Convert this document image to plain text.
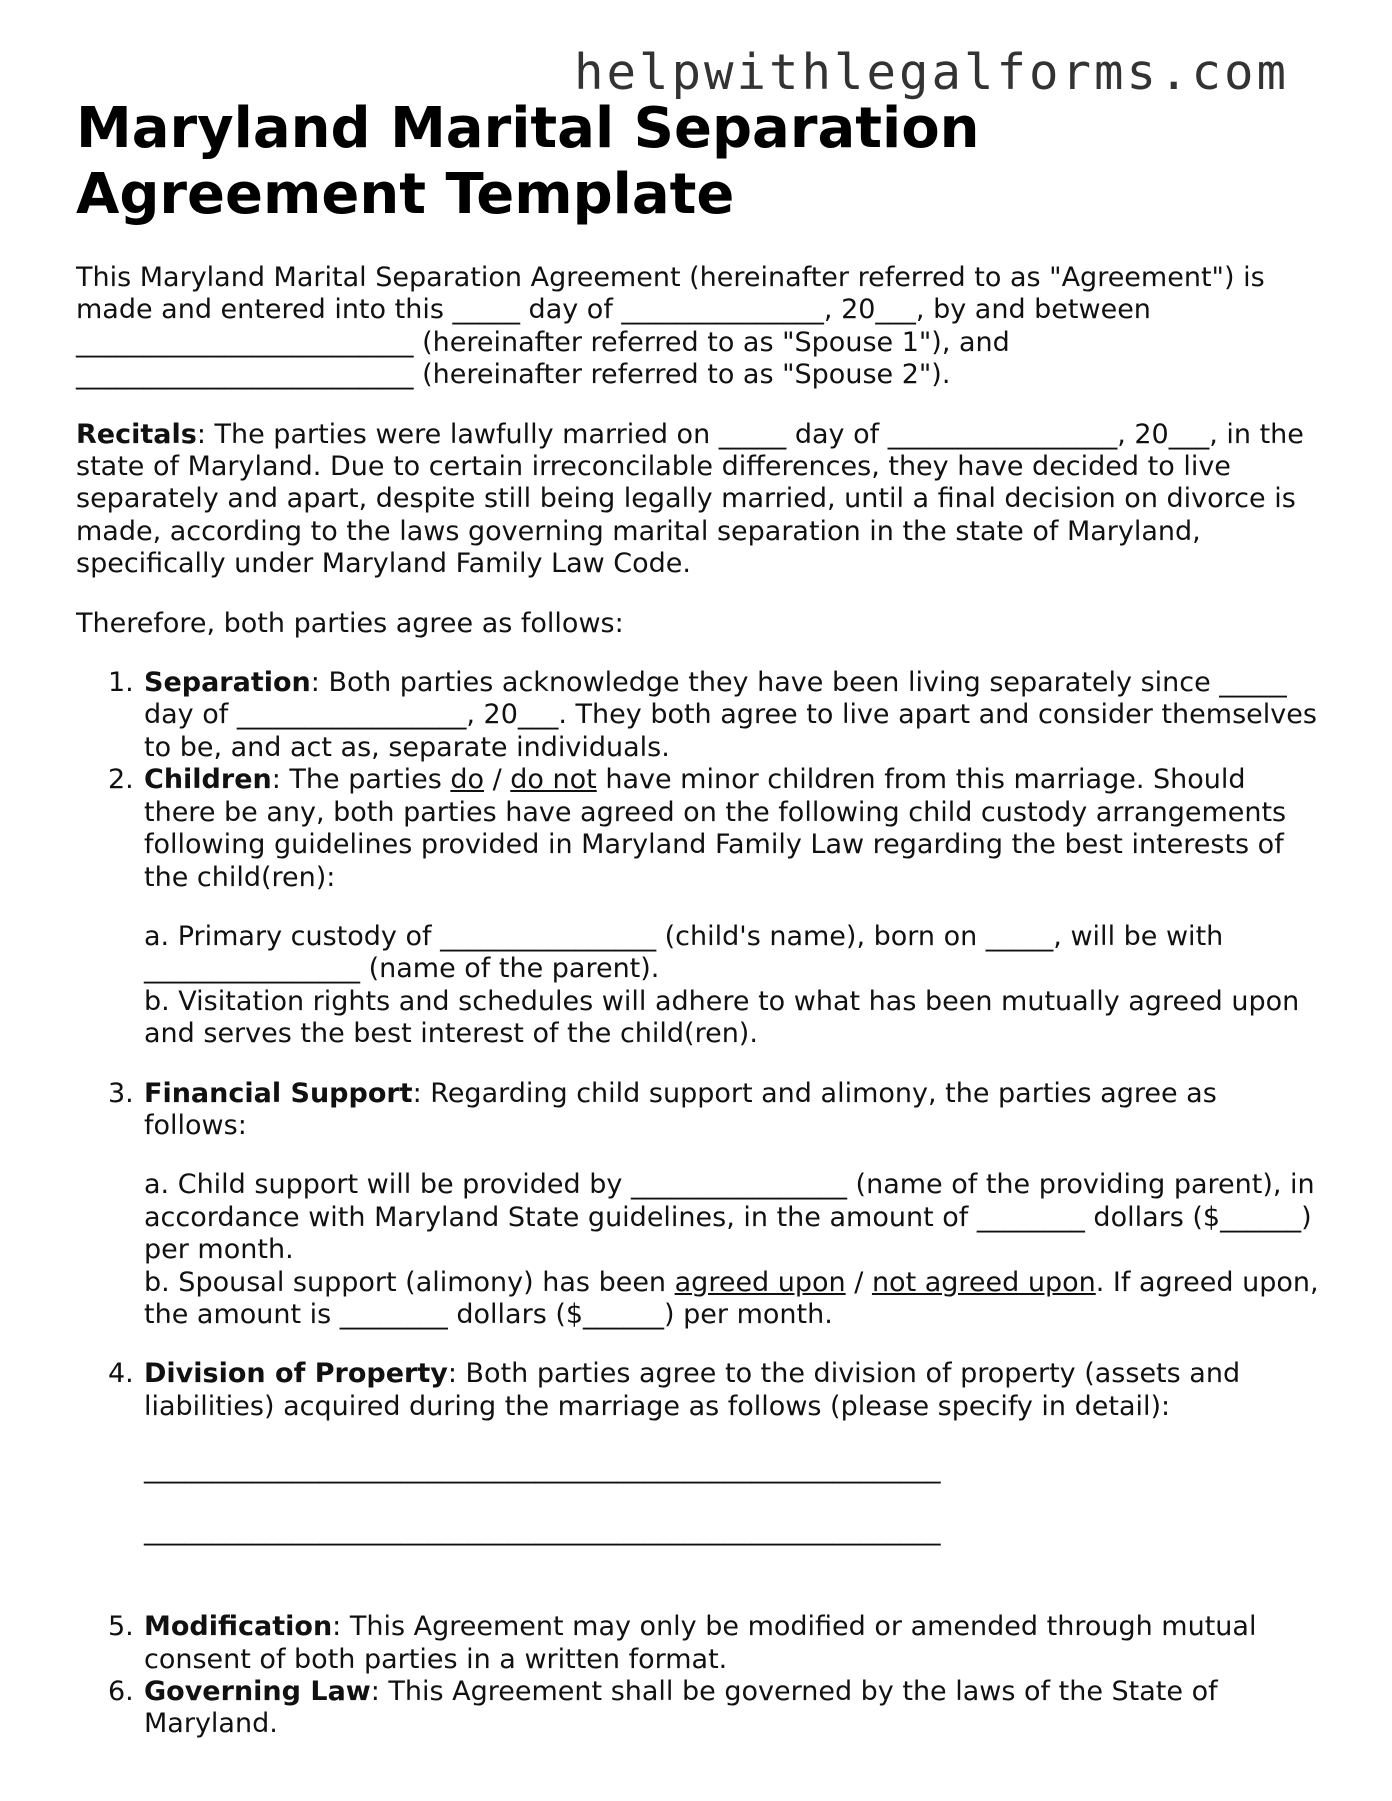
helpwithlegalforms.com
Maryland Marital Separation Agreement Template

This Maryland Marital Separation Agreement (hereinafter referred to as "Agreement") is made and entered into this _____ day of _______________, 20___, by and between _________________________ (hereinafter referred to as "Spouse 1"), and _________________________ (hereinafter referred to as "Spouse 2").

Recitals: The parties were lawfully married on _____ day of _________________, 20___, in the state of Maryland. Due to certain irreconcilable differences, they have decided to live separately and apart, despite still being legally married, until a final decision on divorce is made, according to the laws governing marital separation in the state of Maryland, specifically under Maryland Family Law Code.

Therefore, both parties agree as follows:

1. Separation: Both parties acknowledge they have been living separately since _____ day of _________________, 20___. They both agree to live apart and consider themselves to be, and act as, separate individuals.
2. Children: The parties do / do not have minor children from this marriage. Should there be any, both parties have agreed on the following child custody arrangements following guidelines provided in Maryland Family Law regarding the best interests of the child(ren):
a. Primary custody of ________________ (child's name), born on _____, will be with ________________ (name of the parent).
b. Visitation rights and schedules will adhere to what has been mutually agreed upon and serves the best interest of the child(ren).
3. Financial Support: Regarding child support and alimony, the parties agree as follows:
a. Child support will be provided by ________________ (name of the providing parent), in accordance with Maryland State guidelines, in the amount of ________ dollars ($______) per month.
b. Spousal support (alimony) has been agreed upon / not agreed upon. If agreed upon, the amount is ________ dollars ($______) per month.
4. Division of Property: Both parties agree to the division of property (assets and liabilities) acquired during the marriage as follows (please specify in detail):
___________________________________________________________
___________________________________________________________
5. Modification: This Agreement may only be modified or amended through mutual consent of both parties in a written format.
6. Governing Law: This Agreement shall be governed by the laws of the State of Maryland.
